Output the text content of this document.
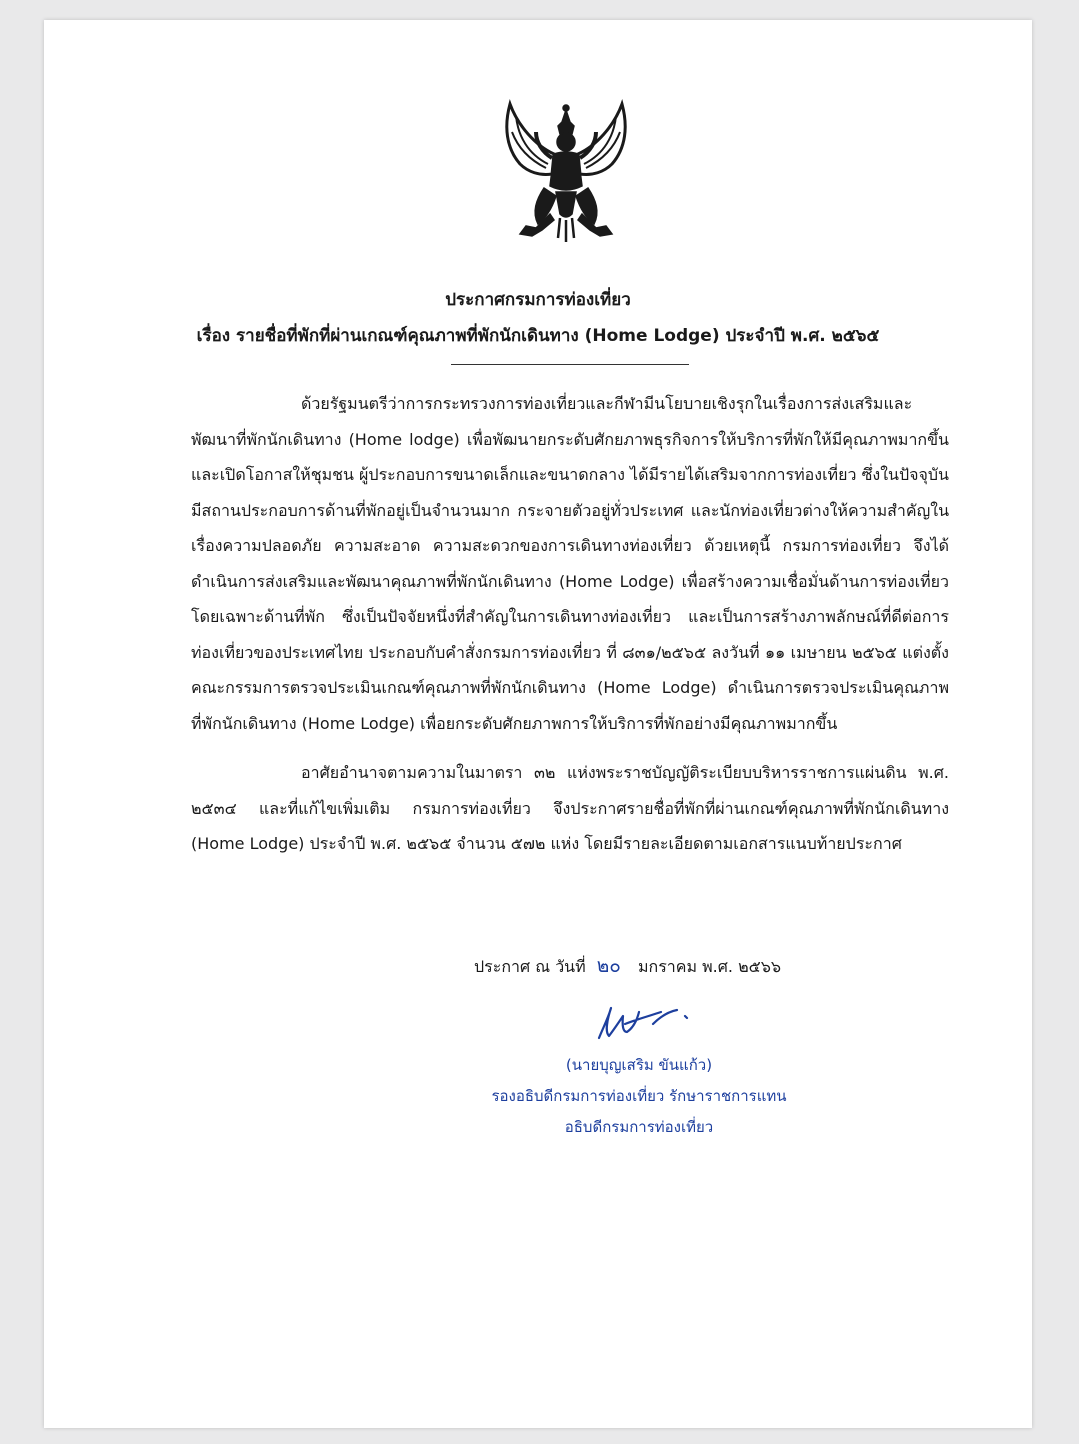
ประกาศกรมการท่องเที่ยว
เรื่อง รายชื่อที่พักที่ผ่านเกณฑ์คุณภาพที่พักนักเดินทาง (Home Lodge) ประจำปี พ.ศ. ๒๕๖๕

ด้วยรัฐมนตรีว่าการกระทรวงการท่องเที่ยวและกีฬามีนโยบายเชิงรุกในเรื่องการส่งเสริมและพัฒนาที่พักนักเดินทาง (Home lodge) เพื่อพัฒนายกระดับศักยภาพธุรกิจการให้บริการที่พักให้มีคุณภาพมากขึ้น และเปิดโอกาสให้ชุมชน ผู้ประกอบการขนาดเล็กและขนาดกลาง ได้มีรายได้เสริมจากการท่องเที่ยว ซึ่งในปัจจุบันมีสถานประกอบการด้านที่พักอยู่เป็นจำนวนมาก กระจายตัวอยู่ทั่วประเทศ และนักท่องเที่ยวต่างให้ความสำคัญในเรื่องความปลอดภัย ความสะอาด ความสะดวกของการเดินทางท่องเที่ยว ด้วยเหตุนี้ กรมการท่องเที่ยว จึงได้ดำเนินการส่งเสริมและพัฒนาคุณภาพที่พักนักเดินทาง (Home Lodge) เพื่อสร้างความเชื่อมั่นด้านการท่องเที่ยว โดยเฉพาะด้านที่พัก ซึ่งเป็นปัจจัยหนึ่งที่สำคัญในการเดินทางท่องเที่ยว และเป็นการสร้างภาพลักษณ์ที่ดีต่อการท่องเที่ยวของประเทศไทย ประกอบกับคำสั่งกรมการท่องเที่ยว ที่ ๘๓๑/๒๕๖๕ ลงวันที่ ๑๑ เมษายน ๒๕๖๕ แต่งตั้งคณะกรรมการตรวจประเมินเกณฑ์คุณภาพที่พักนักเดินทาง (Home Lodge) ดำเนินการตรวจประเมินคุณภาพที่พักนักเดินทาง (Home Lodge) เพื่อยกระดับศักยภาพการให้บริการที่พักอย่างมีคุณภาพมากขึ้น

อาศัยอำนาจตามความในมาตรา ๓๒ แห่งพระราชบัญญัติระเบียบบริหารราชการแผ่นดิน พ.ศ. ๒๕๓๔ และที่แก้ไขเพิ่มเติม กรมการท่องเที่ยว จึงประกาศรายชื่อที่พักที่ผ่านเกณฑ์คุณภาพที่พักนักเดินทาง (Home Lodge) ประจำปี พ.ศ. ๒๕๖๕ จำนวน ๕๗๒ แห่ง โดยมีรายละเอียดตามเอกสารแนบท้ายประกาศ

ประกาศ ณ วันที่ ๒๐ มกราคม พ.ศ. ๒๕๖๖
(นายบุญเสริม ขันแก้ว)
รองอธิบดีกรมการท่องเที่ยว รักษาราชการแทน
อธิบดีกรมการท่องเที่ยว
